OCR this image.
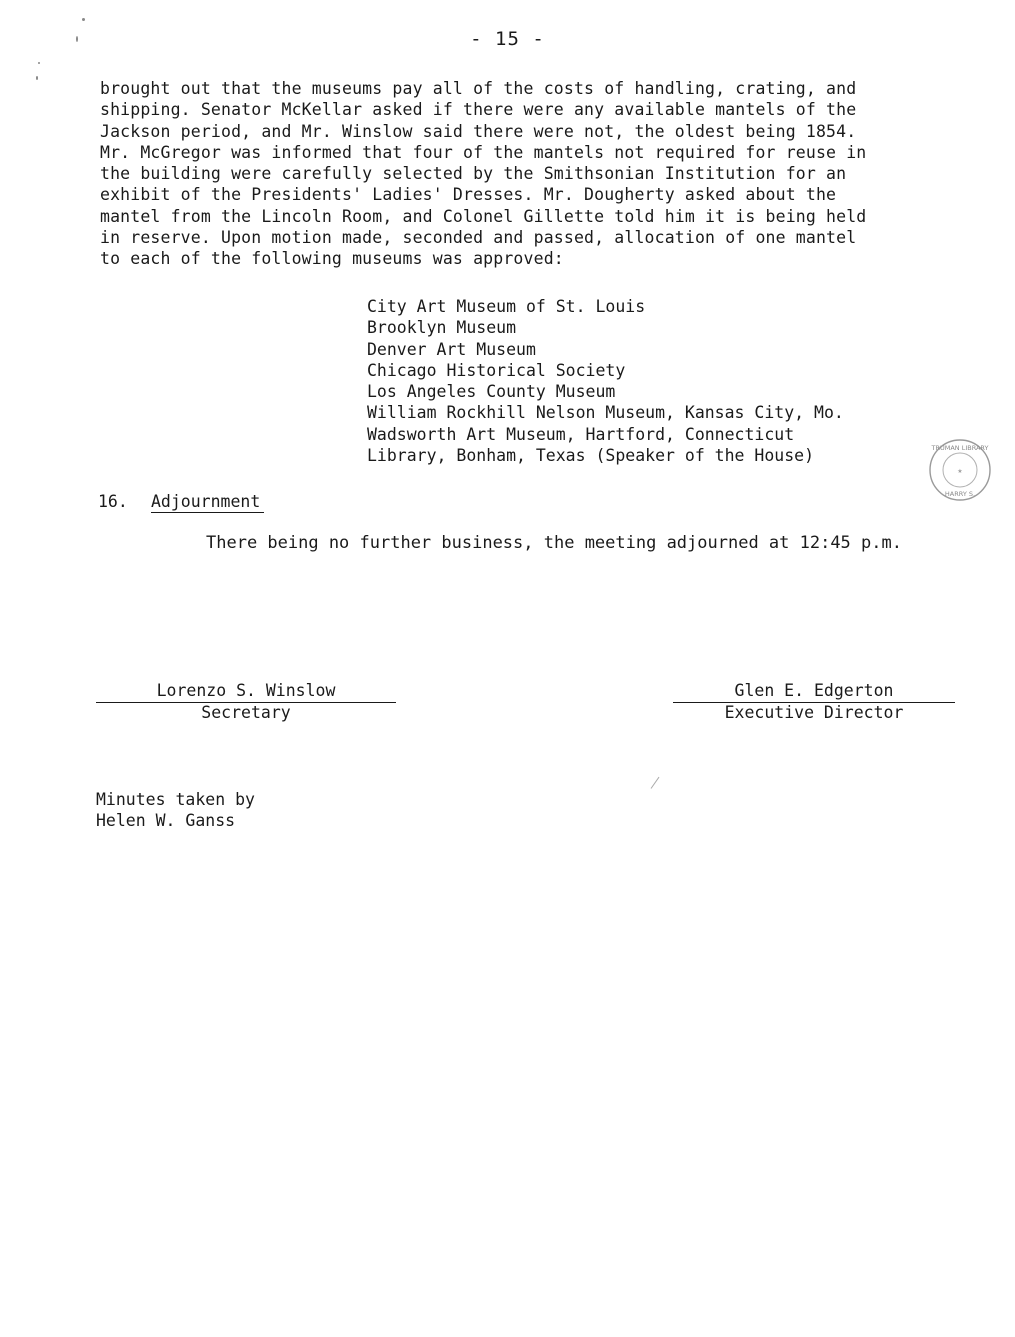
- 15 -

brought out that the museums pay all of the costs of handling, crating, and
shipping. Senator McKellar asked if there were any available mantels of the
Jackson period, and Mr. Winslow said there were not, the oldest being 1854.
Mr. McGregor was informed that four of the mantels not required for reuse in
the building were carefully selected by the Smithsonian Institution for an
exhibit of the Presidents' Ladies' Dresses. Mr. Dougherty asked about the
mantel from the Lincoln Room, and Colonel Gillette told him it is being held
in reserve. Upon motion made, seconded and passed, allocation of one mantel
to each of the following museums was approved:

City Art Museum of St. Louis
Brooklyn Museum
Denver Art Museum
Chicago Historical Society
Los Angeles County Museum
William Rockhill Nelson Museum, Kansas City, Mo.
Wadsworth Art Museum, Hartford, Connecticut
Library, Bonham, Texas (Speaker of the House)	TRUMAN LIBRARY
HARRY S.
★
16. Adjournment
There being no further business, the meeting adjourned at 12:45 p.m.
Lorenzo S. Winslow
Secretary
Glen E. Edgerton
Executive Director
Minutes taken by
Helen W. Ganss
